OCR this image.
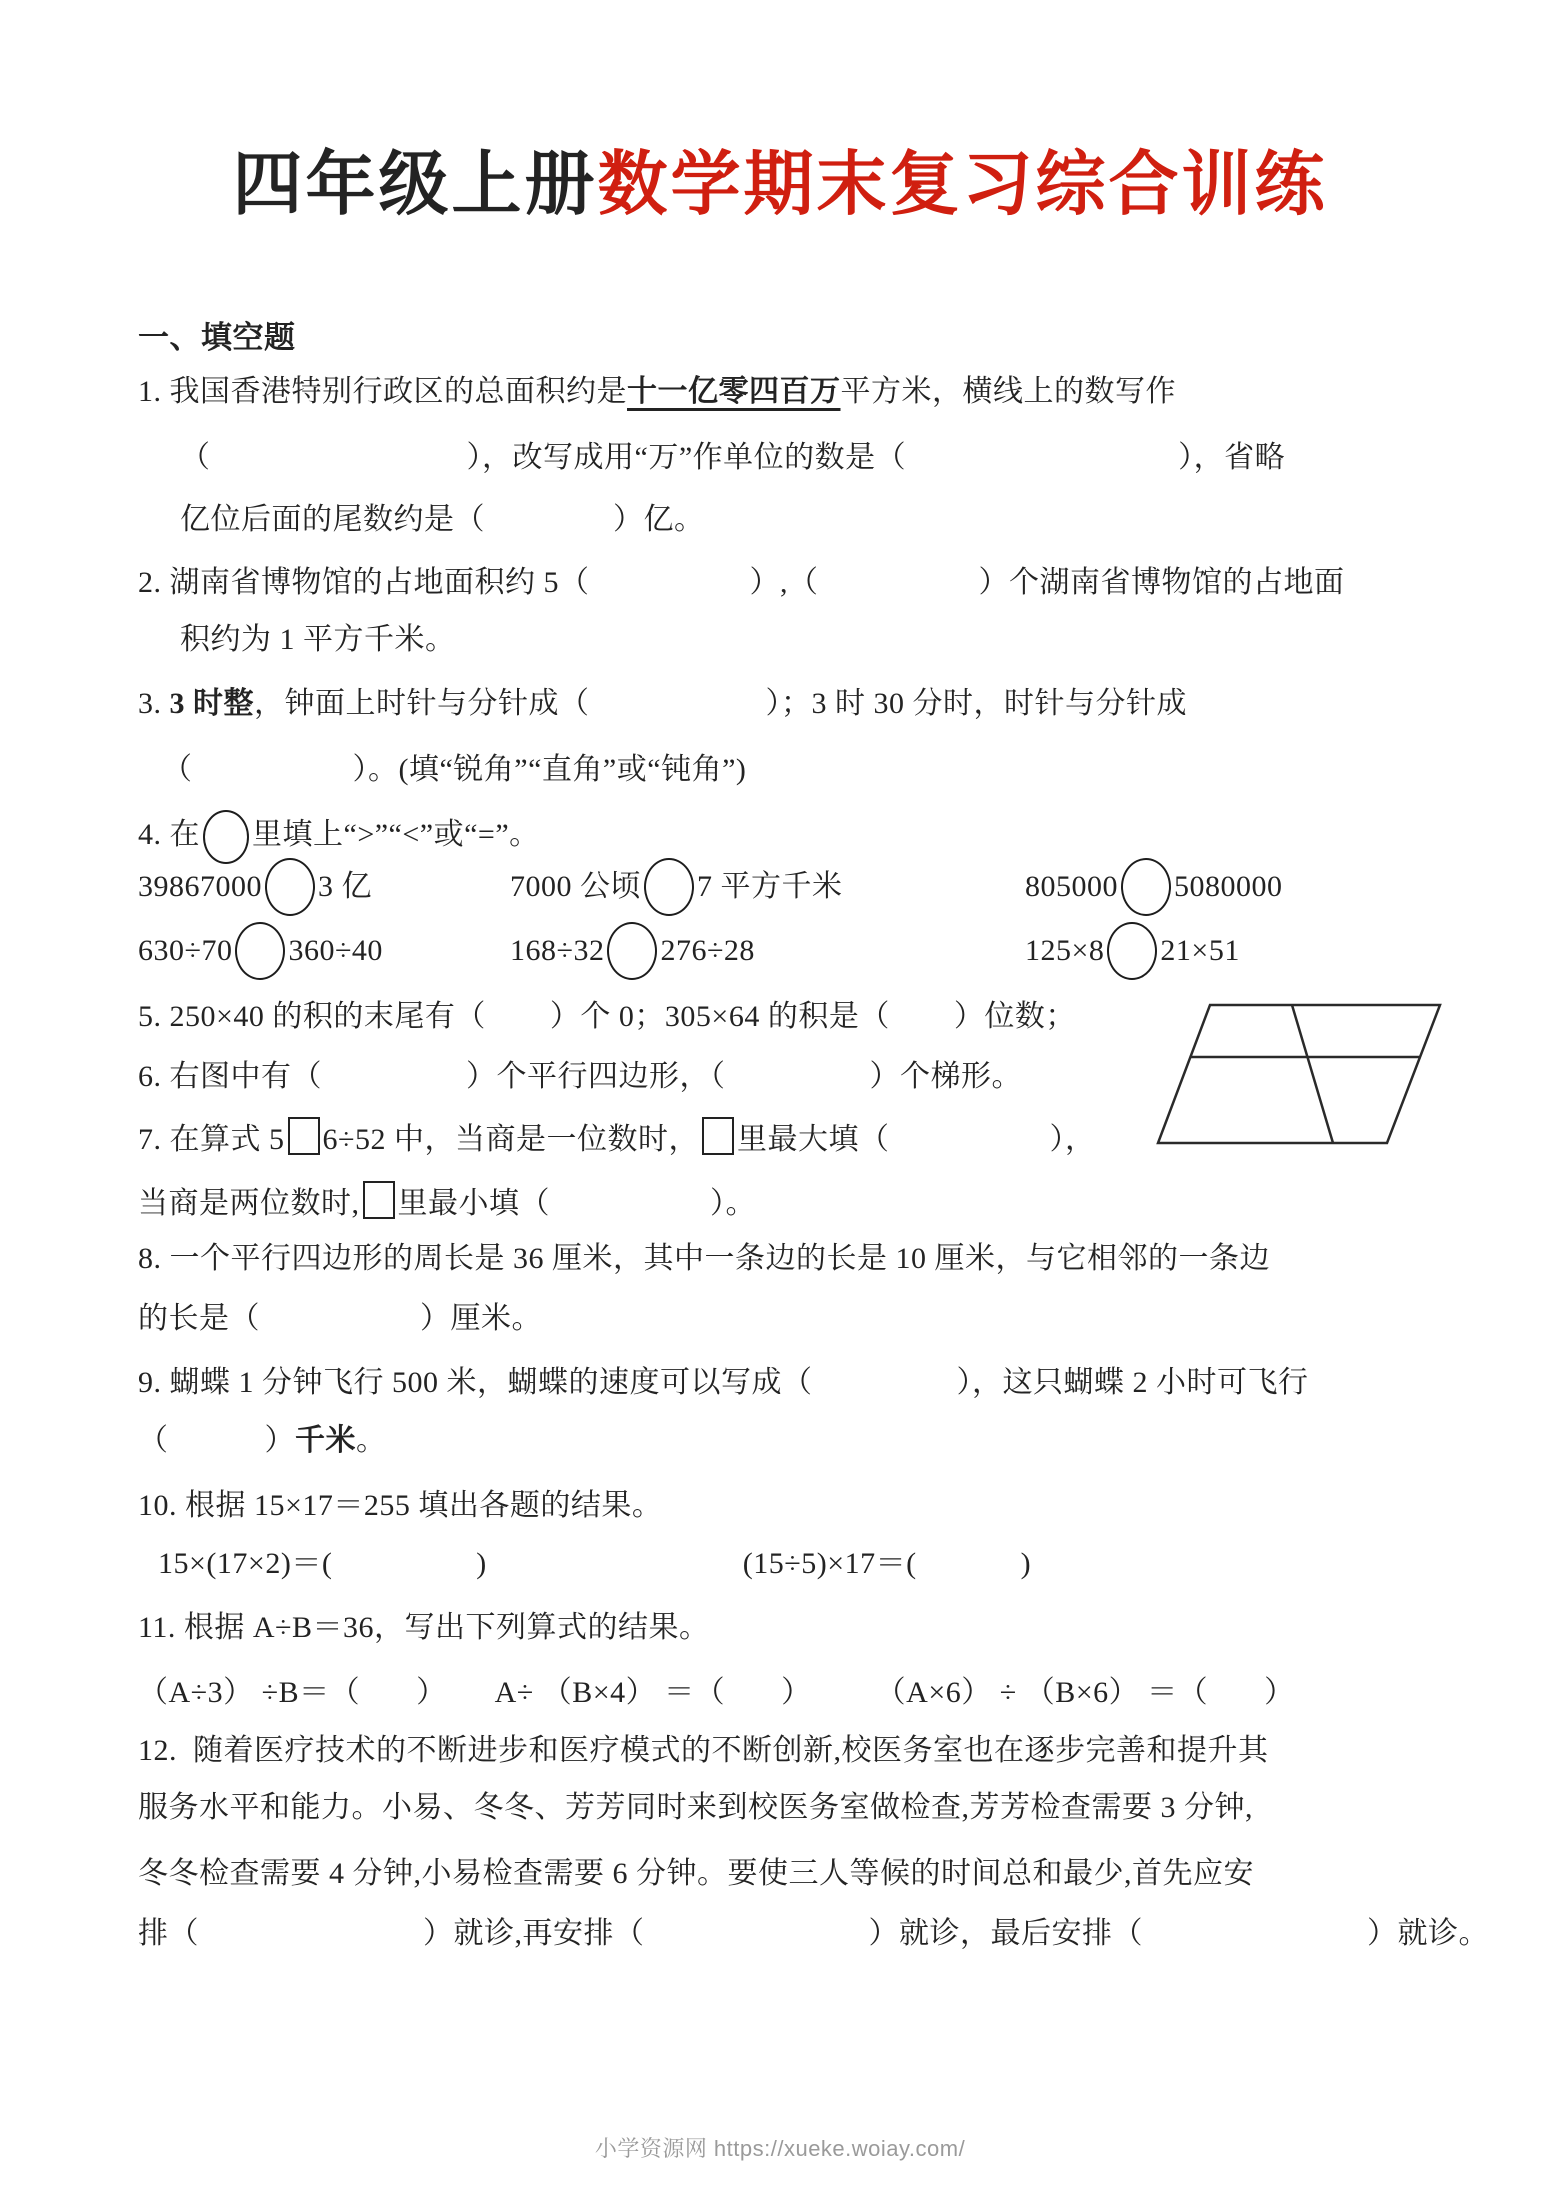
四年级上册数学期末复习综合训练
一、填空题
1. 我国香港特别行政区的总面积约是十一亿零四百万平方米，横线上的数写作
（                                ），改写成用“万”作单位的数是（                                  ），省略
亿位后面的尾数约是（                ）亿。
2. 湖南省博物馆的占地面积约 5（                    ）,（                    ）个湖南省博物馆的占地面
积约为 1 平方千米。
3. 3 时整，钟面上时针与分针成（                      ）；3 时 30 分时，时针与分针成
（                    ）。(填“锐角”“直角”或“钝角”)
4. 在 里填上“>”“<”或“=”。
39867000 3 亿	7000 公顷 7 平方千米	805000 5080000
630÷70 360÷40	168÷32 276÷28	125×8 21×51
5. 250×40 的积的末尾有（        ）个 0；305×64 的积是（        ）位数；
6. 右图中有（                  ）个平行四边形，（                  ）个梯形。
7. 在算式 5 6÷52 中，当商是一位数时， 里最大填（                    ），
当商是两位数时, 里最小填（                    ）。
8. 一个平行四边形的周长是 36 厘米，其中一条边的长是 10 厘米，与它相邻的一条边
的长是（                    ）厘米。
9. 蝴蝶 1 分钟飞行 500 米，蝴蝶的速度可以写成（                  ），这只蝴蝶 2 小时可飞行
（            ）千米。
10. 根据 15×17＝255 填出各题的结果。
15×(17×2)＝(                  )                                (15÷5)×17＝(             )
11. 根据 A÷B＝36，写出下列算式的结果。
（A÷3） ÷B＝（       ）      A÷ （B×4） ＝（       ）        （A×6） ÷ （B×6） ＝（       ）
12.  随着医疗技术的不断进步和医疗模式的不断创新,校医务室也在逐步完善和提升其
服务水平和能力。小易、冬冬、芳芳同时来到校医务室做检查,芳芳检查需要 3 分钟,
冬冬检查需要 4 分钟,小易检查需要 6 分钟。要使三人等候的时间总和最少,首先应安
排（                            ）就诊,再安排（                            ）就诊，最后安排（                            ）就诊。
小学资源网 https://xueke.woiay.com/
